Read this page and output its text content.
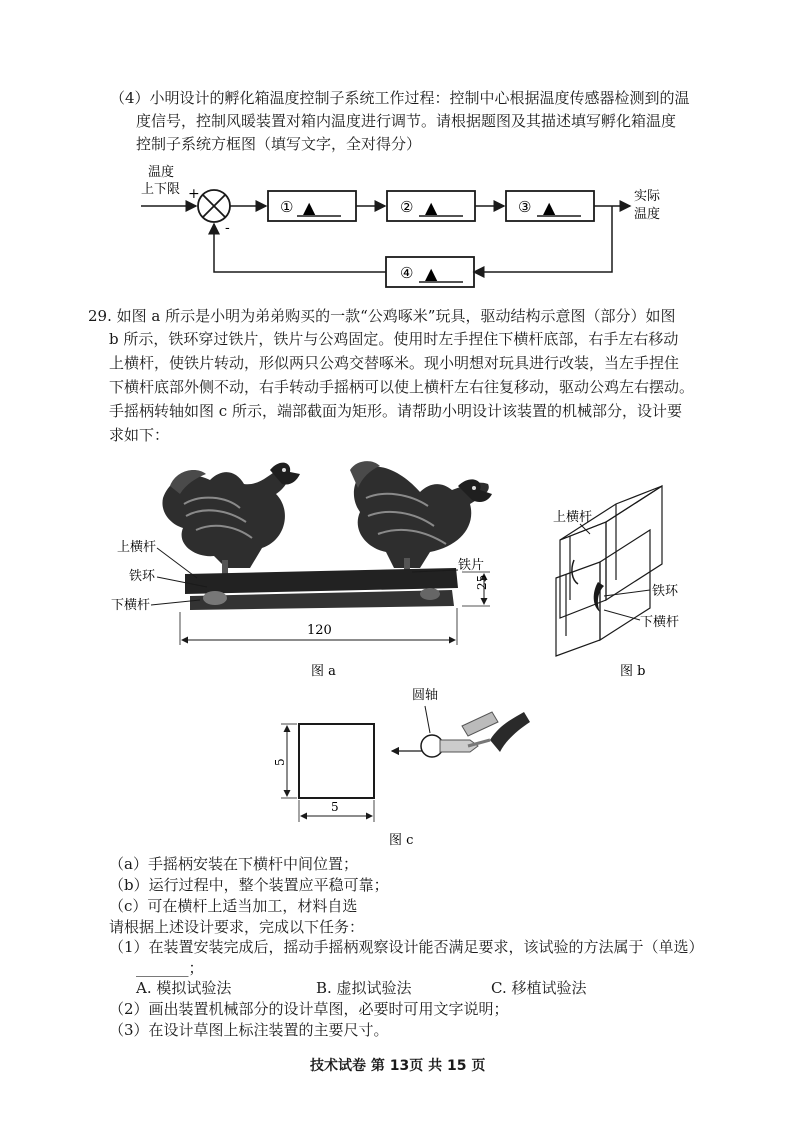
（4）小明设计的孵化箱温度控制子系统工作过程：控制中心根据温度传感器检测到的温
度信号，控制风暖装置对箱内温度进行调节。请根据题图及其描述填写孵化箱温度
控制子系统方框图（填写文字，全对得分）
温度
上下限 +
-
① ▲	② ▲	③ ▲
实际
温度
④ ▲
29. 如图 a 所示是小明为弟弟购买的一款“公鸡啄米”玩具，驱动结构示意图（部分）如图
b 所示，铁环穿过铁片，铁片与公鸡固定。使用时左手捏住下横杆底部，右手左右移动
上横杆，使铁片转动，形似两只公鸡交替啄米。现小明想对玩具进行改装，当左手捏住
下横杆底部外侧不动，右手转动手摇柄可以使上横杆左右往复移动，驱动公鸡左右摆动。
手摇柄转轴如图 c 所示，端部截面为矩形。请帮助小明设计该装置的机械部分，设计要
求如下：
上横杆
铁环
下横杆
铁片
25
120
图 a
上横杆
铁环
下横杆
图 b
5
5
圆轴
图 c
（a）手摇柄安装在下横杆中间位置；
（b）运行过程中，整个装置应平稳可靠；
（c）可在横杆上适当加工，材料自选
请根据上述设计要求，完成以下任务：
（1）在装置安装完成后，摇动手摇柄观察设计能否满足要求，该试验的方法属于（单选）
_______；
A. 模拟试验法	B. 虚拟试验法	C. 移植试验法
（2）画出装置机械部分的设计草图，必要时可用文字说明；
（3）在设计草图上标注装置的主要尺寸。
技术试卷 第 13页 共 15 页
